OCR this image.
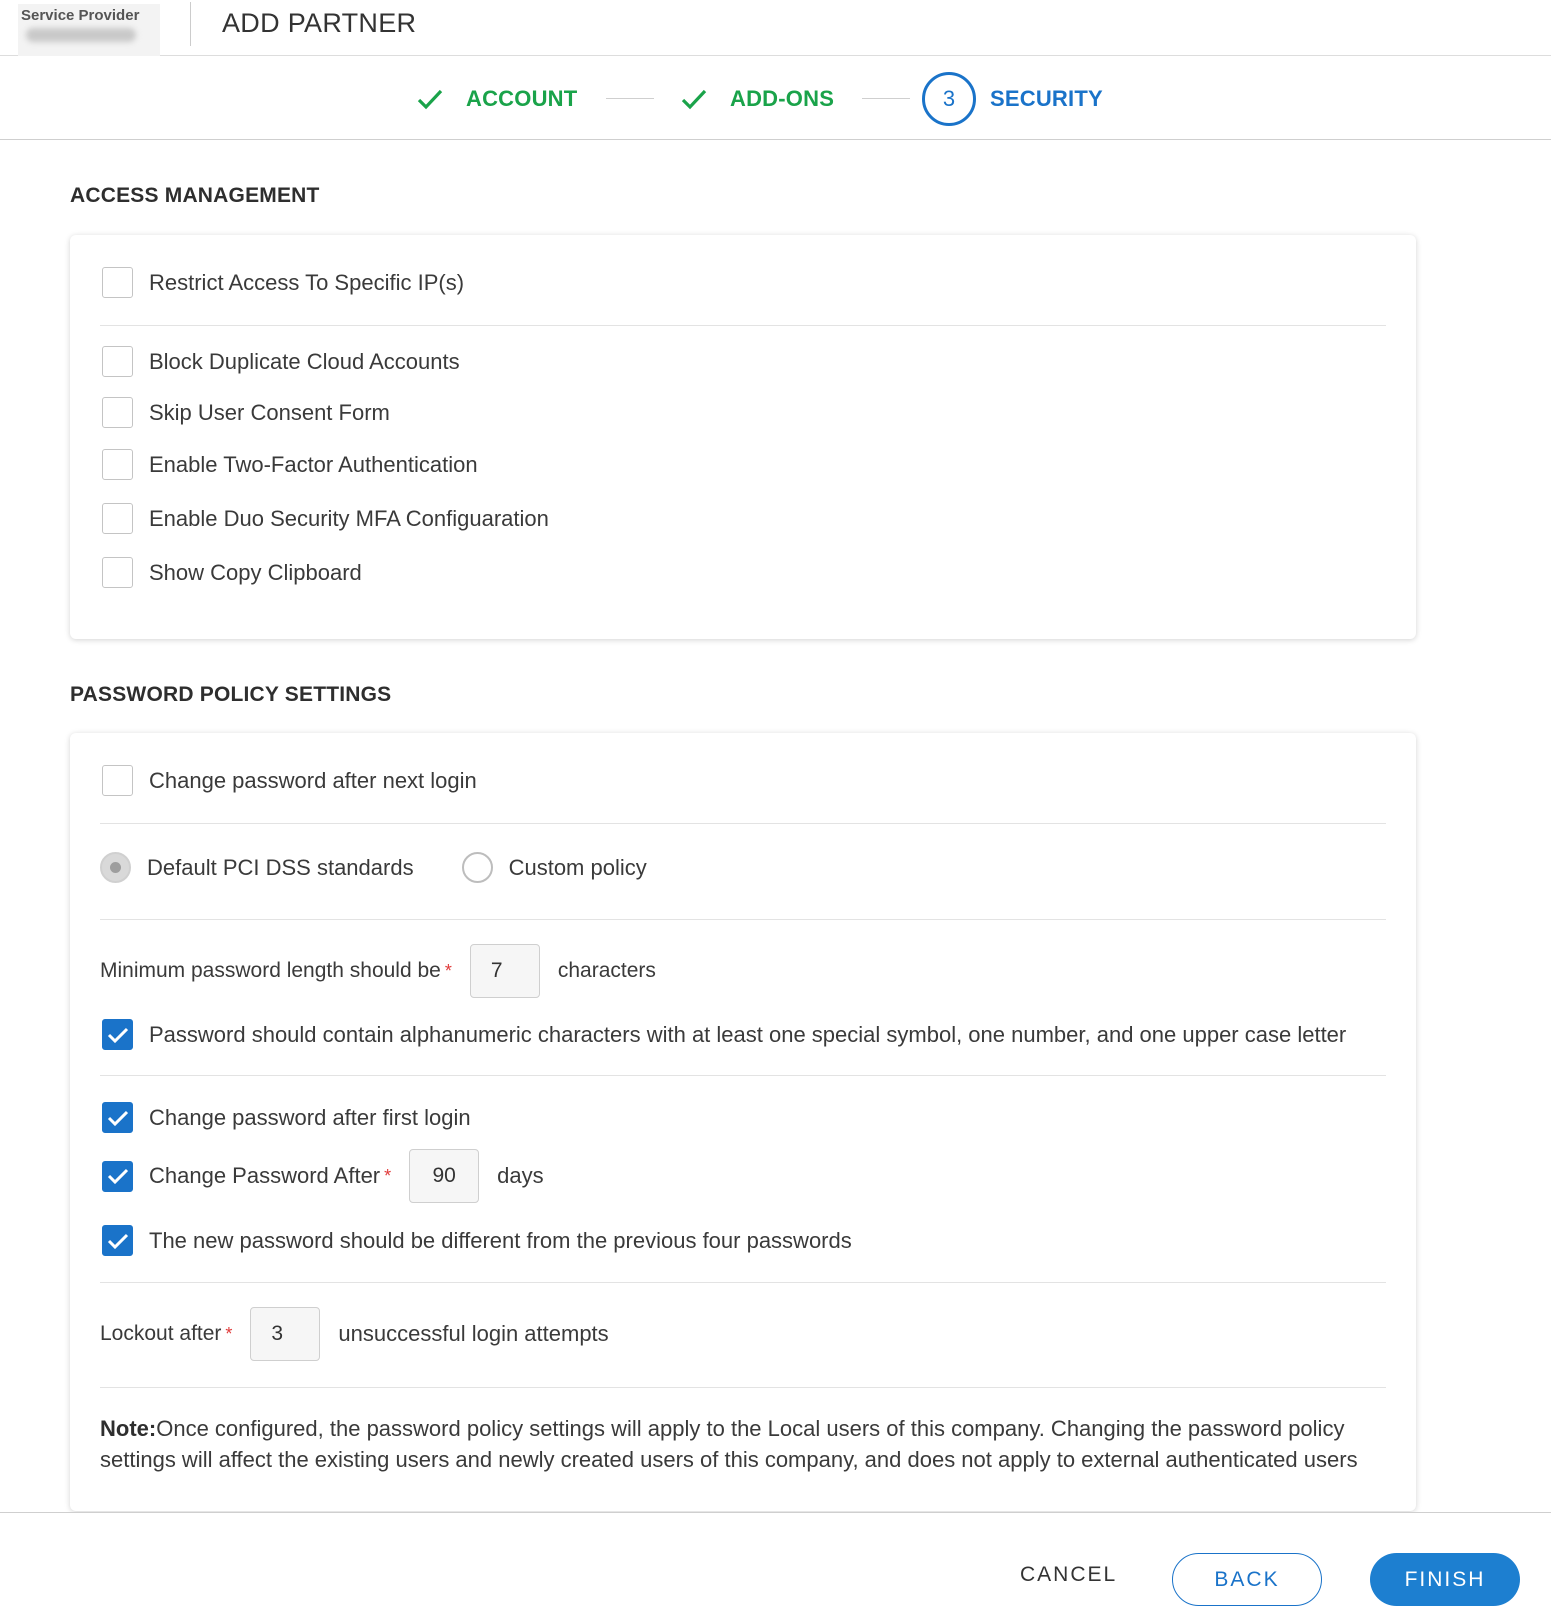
Service Provider	ADD PARTNER
ACCOUNT	ADD-ONS	3	SECURITY
ACCESS MANAGEMENT
Restrict Access To Specific IP(s)
Block Duplicate Cloud Accounts
Skip User Consent Form
Enable Two-Factor Authentication
Enable Duo Security MFA Configuaration
Show Copy Clipboard
PASSWORD POLICY SETTINGS
Change password after next login
Default PCI DSS standards	Custom policy
Minimum password length should be *
7	characters
Password should contain alphanumeric characters with at least one special symbol, one number, and one upper case letter
Change password after first login
Change Password After *
90	days
The new password should be different from the previous four passwords
Lockout after *
3	unsuccessful login attempts
Note:Once configured, the password policy settings will apply to the Local users of this company. Changing the password policy settings will affect the existing users and newly created users of this company, and does not apply to external authenticated users
CANCEL	BACK	FINISH
